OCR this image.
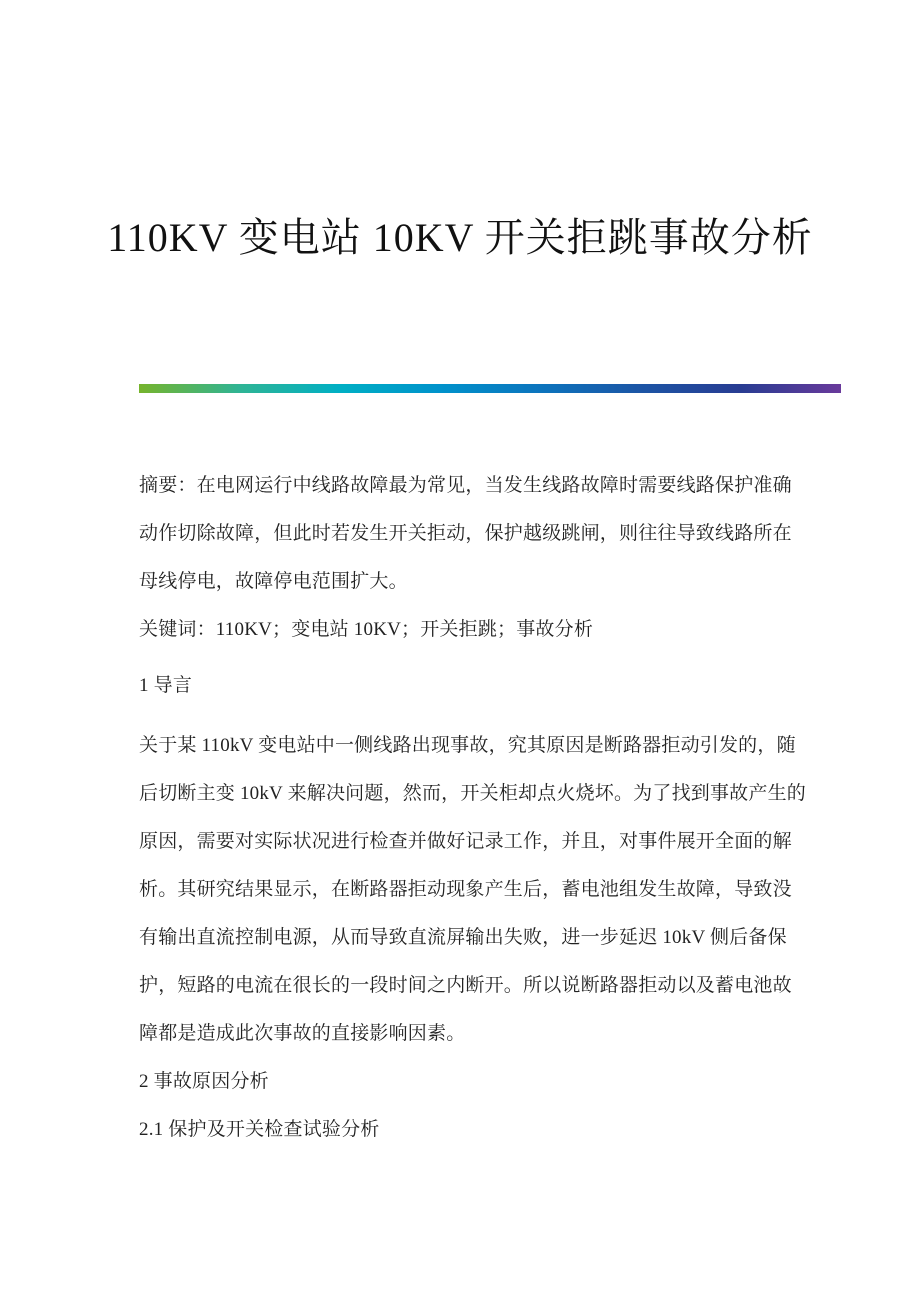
110KV 变电站 10KV 开关拒跳事故分析
摘要：在电网运行中线路故障最为常见，当发生线路故障时需要线路保护准确
动作切除故障，但此时若发生开关拒动，保护越级跳闸，则往往导致线路所在
母线停电，故障停电范围扩大。
关键词：110KV；变电站 10KV；开关拒跳；事故分析
1 导言
关于某 110kV 变电站中一侧线路出现事故，究其原因是断路器拒动引发的，随
后切断主变 10kV 来解决问题，然而，开关柜却点火烧坏。为了找到事故产生的
原因，需要对实际状况进行检查并做好记录工作，并且，对事件展开全面的解
析。其研究结果显示，在断路器拒动现象产生后，蓄电池组发生故障，导致没
有输出直流控制电源，从而导致直流屏输出失败，进一步延迟 10kV 侧后备保
护，短路的电流在很长的一段时间之内断开。所以说断路器拒动以及蓄电池故
障都是造成此次事故的直接影响因素。
2 事故原因分析
2.1 保护及开关检查试验分析
